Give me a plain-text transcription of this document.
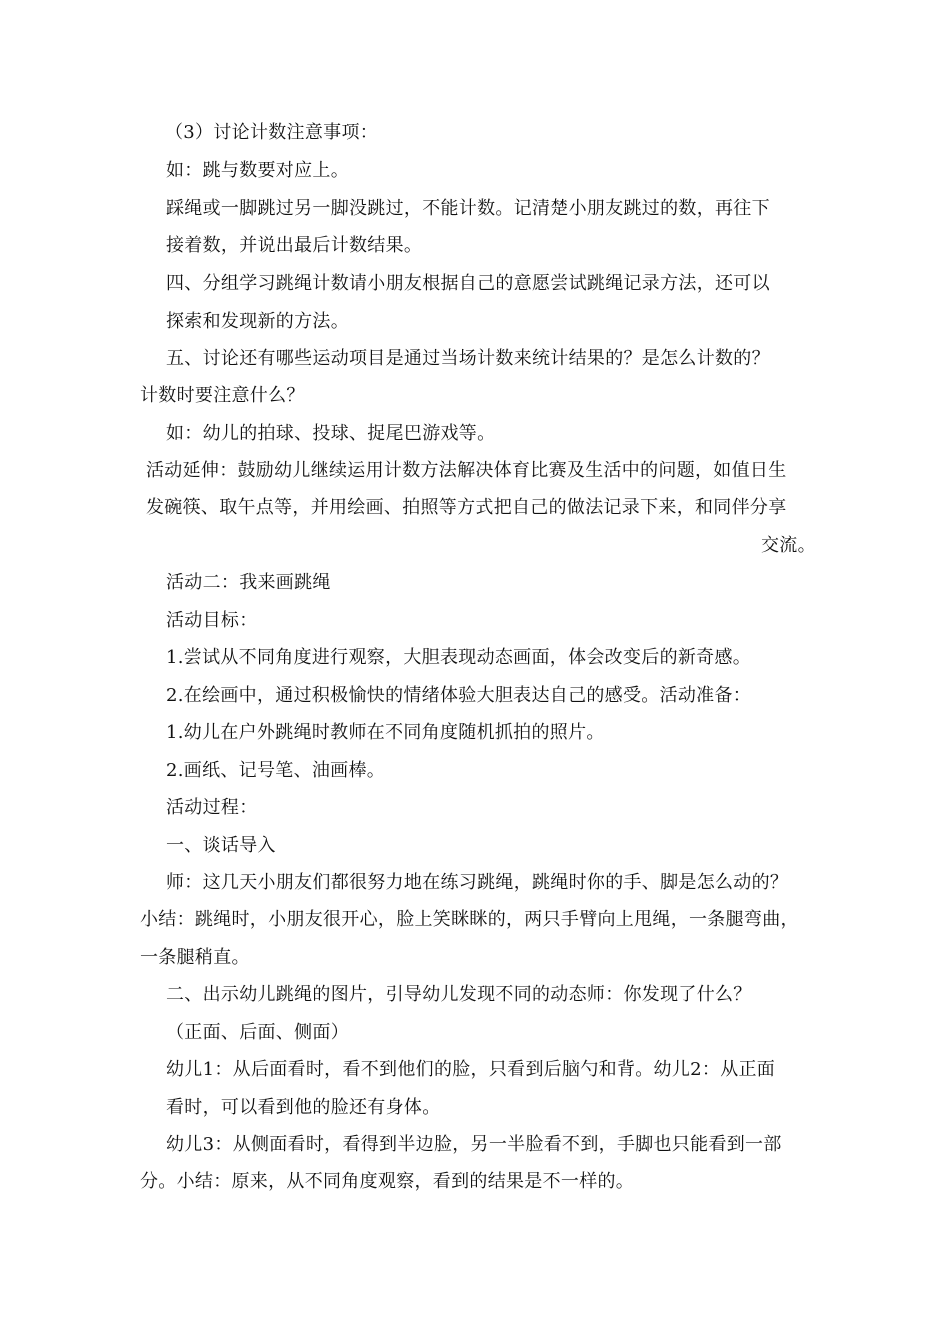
（3）讨论计数注意事项：
如：跳与数要对应上。
踩绳或一脚跳过另一脚没跳过，不能计数。记清楚小朋友跳过的数，再往下
接着数，并说出最后计数结果。
四、分组学习跳绳计数请小朋友根据自己的意愿尝试跳绳记录方法，还可以
探索和发现新的方法。
五、讨论还有哪些运动项目是通过当场计数来统计结果的？是怎么计数的？
计数时要注意什么？
如：幼儿的拍球、投球、捉尾巴游戏等。
活动延伸：鼓励幼儿继续运用计数方法解决体育比赛及生活中的问题，如值日生
发碗筷、取午点等，并用绘画、拍照等方式把自己的做法记录下来，和同伴分享
交流。
活动二：我来画跳绳
活动目标：
1.尝试从不同角度进行观察，大胆表现动态画面，体会改变后的新奇感。
2.在绘画中，通过积极愉快的情绪体验大胆表达自己的感受。活动准备：
1.幼儿在户外跳绳时教师在不同角度随机抓拍的照片。
2.画纸、记号笔、油画棒。
活动过程：
一、谈话导入
师：这几天小朋友们都很努力地在练习跳绳，跳绳时你的手、脚是怎么动的？
小结：跳绳时，小朋友很开心，脸上笑眯眯的，两只手臂向上甩绳，一条腿弯曲，
一条腿稍直。
二、出示幼儿跳绳的图片，引导幼儿发现不同的动态师：你发现了什么？
（正面、后面、侧面）
幼儿1：从后面看时，看不到他们的脸，只看到后脑勺和背。幼儿2：从正面
看时，可以看到他的脸还有身体。
幼儿3：从侧面看时，看得到半边脸，另一半脸看不到，手脚也只能看到一部
分。小结：原来，从不同角度观察，看到的结果是不一样的。
